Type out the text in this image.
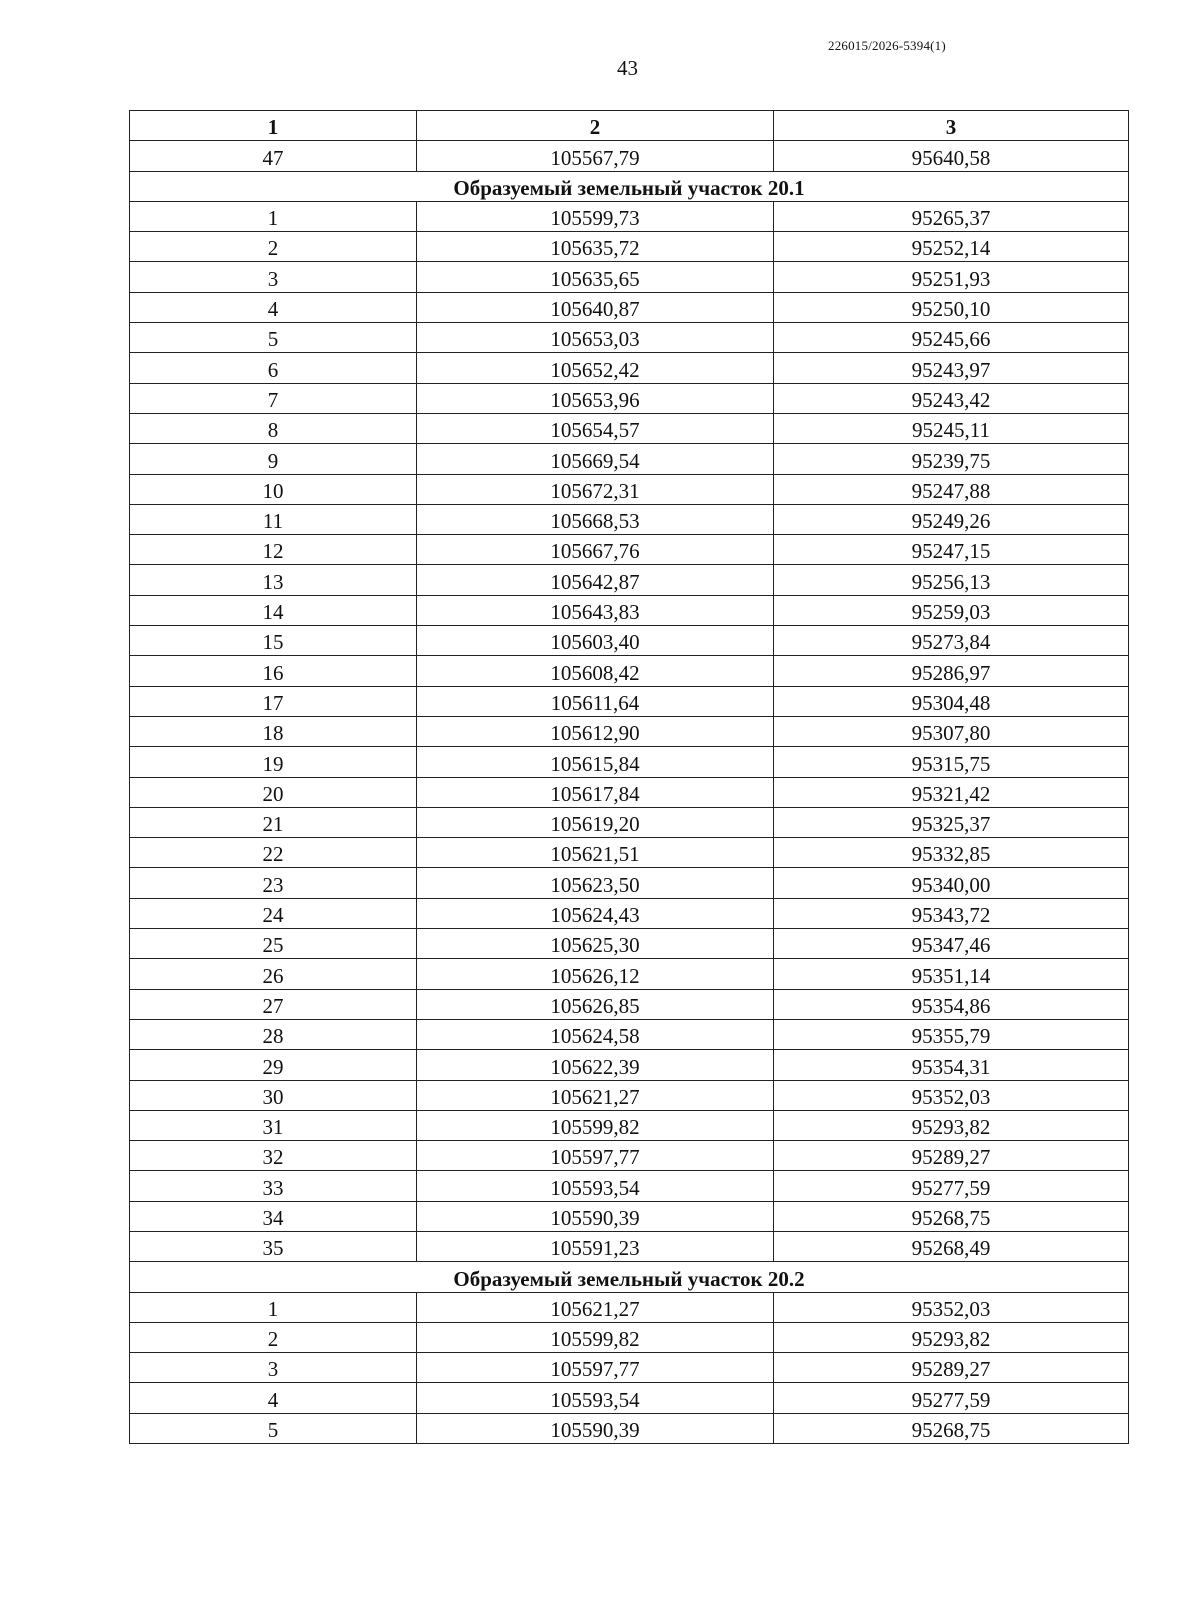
226015/2026-5394(1)
43
1	2	3
47	105567,79	95640,58
Образуемый земельный участок 20.1		
1	105599,73	95265,37
2	105635,72	95252,14
3	105635,65	95251,93
4	105640,87	95250,10
5	105653,03	95245,66
6	105652,42	95243,97
7	105653,96	95243,42
8	105654,57	95245,11
9	105669,54	95239,75
10	105672,31	95247,88
11	105668,53	95249,26
12	105667,76	95247,15
13	105642,87	95256,13
14	105643,83	95259,03
15	105603,40	95273,84
16	105608,42	95286,97
17	105611,64	95304,48
18	105612,90	95307,80
19	105615,84	95315,75
20	105617,84	95321,42
21	105619,20	95325,37
22	105621,51	95332,85
23	105623,50	95340,00
24	105624,43	95343,72
25	105625,30	95347,46
26	105626,12	95351,14
27	105626,85	95354,86
28	105624,58	95355,79
29	105622,39	95354,31
30	105621,27	95352,03
31	105599,82	95293,82
32	105597,77	95289,27
33	105593,54	95277,59
34	105590,39	95268,75
35	105591,23	95268,49
Образуемый земельный участок 20.2		
1	105621,27	95352,03
2	105599,82	95293,82
3	105597,77	95289,27
4	105593,54	95277,59
5	105590,39	95268,75
